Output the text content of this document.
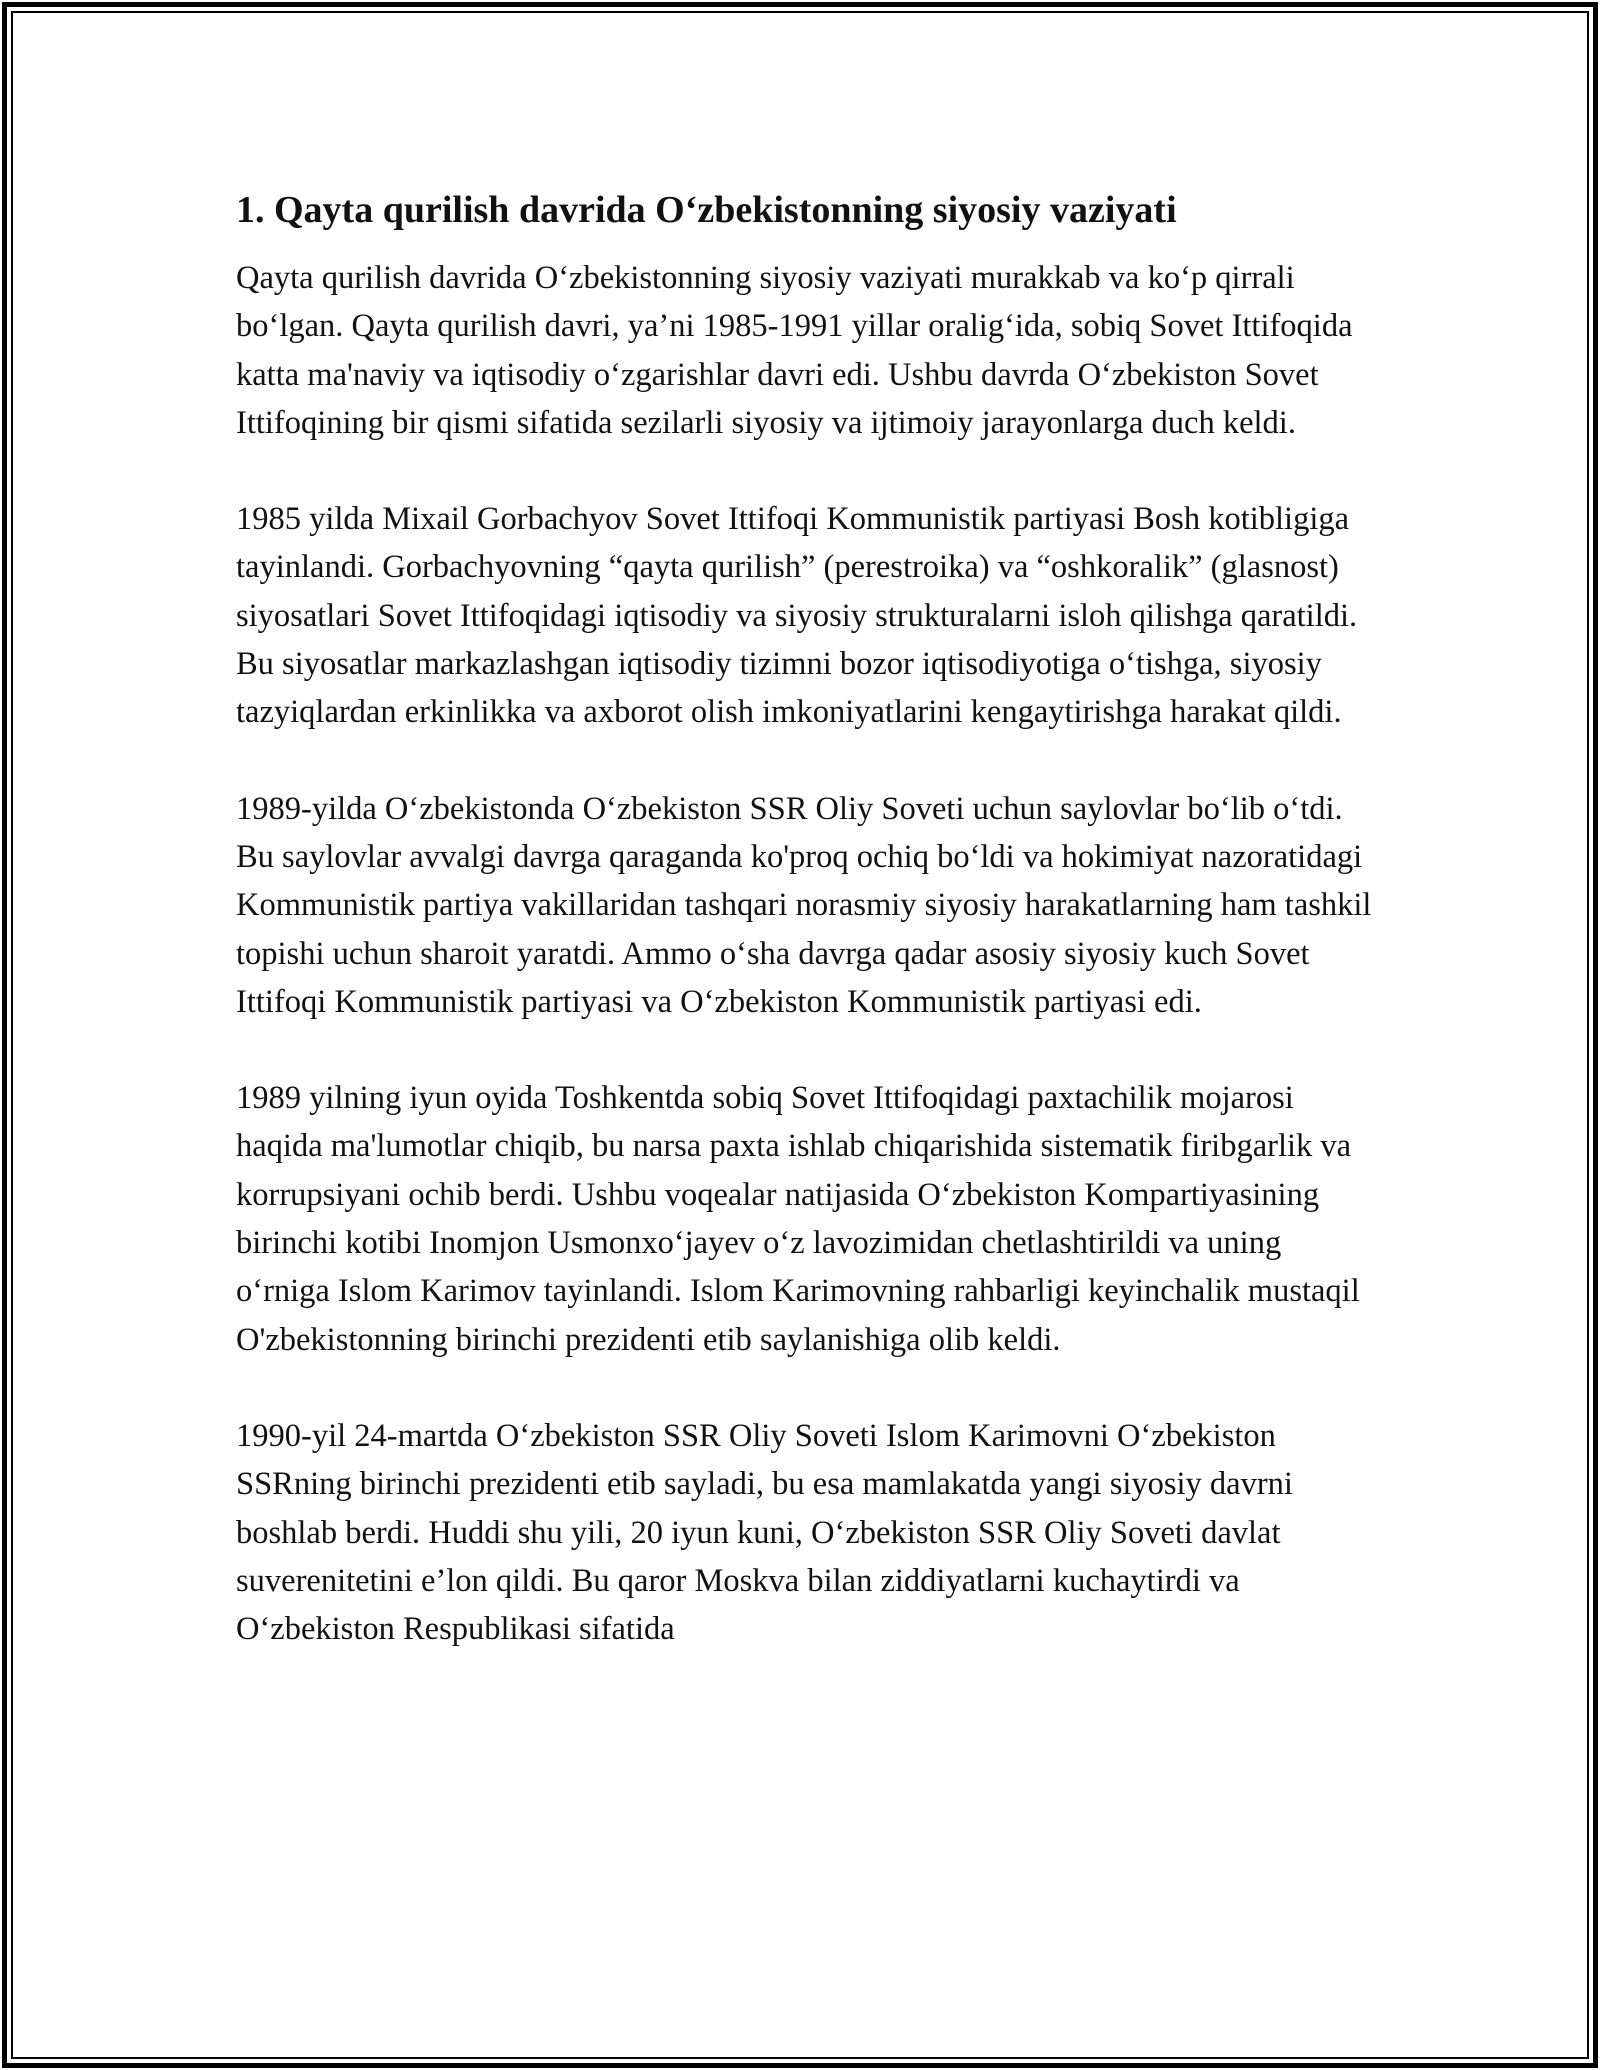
1. Qayta qurilish davrida O‘zbekistonning siyosiy vaziyati

Qayta qurilish davrida O‘zbekistonning siyosiy vaziyati murakkab va ko‘p qirrali bo‘lgan. Qayta qurilish davri, ya’ni 1985-1991 yillar oralig‘ida, sobiq Sovet Ittifoqida katta ma'naviy va iqtisodiy o‘zgarishlar davri edi. Ushbu davrda O‘zbekiston Sovet Ittifoqining bir qismi sifatida sezilarli siyosiy va ijtimoiy jarayonlarga duch keldi.

1985 yilda Mixail Gorbachyov Sovet Ittifoqi Kommunistik partiyasi Bosh kotibligiga tayinlandi. Gorbachyovning “qayta qurilish” (perestroika) va “oshkoralik” (glasnost) siyosatlari Sovet Ittifoqidagi iqtisodiy va siyosiy strukturalarni isloh qilishga qaratildi. Bu siyosatlar markazlashgan iqtisodiy tizimni bozor iqtisodiyotiga o‘tishga, siyosiy tazyiqlardan erkinlikka va axborot olish imkoniyatlarini kengaytirishga harakat qildi.

1989-yilda O‘zbekistonda O‘zbekiston SSR Oliy Soveti uchun saylovlar bo‘lib o‘tdi. Bu saylovlar avvalgi davrga qaraganda ko'proq ochiq bo‘ldi va hokimiyat nazoratidagi Kommunistik partiya vakillaridan tashqari norasmiy siyosiy harakatlarning ham tashkil topishi uchun sharoit yaratdi. Ammo o‘sha davrga qadar asosiy siyosiy kuch Sovet Ittifoqi Kommunistik partiyasi va O‘zbekiston Kommunistik partiyasi edi.

1989 yilning iyun oyida Toshkentda sobiq Sovet Ittifoqidagi paxtachilik mojarosi haqida ma'lumotlar chiqib, bu narsa paxta ishlab chiqarishida sistematik firibgarlik va korrupsiyani ochib berdi. Ushbu voqealar natijasida O‘zbekiston Kompartiyasining birinchi kotibi Inomjon Usmonxo‘jayev o‘z lavozimidan chetlashtirildi va uning o‘rniga Islom Karimov tayinlandi. Islom Karimovning rahbarligi keyinchalik mustaqil O'zbekistonning birinchi prezidenti etib saylanishiga olib keldi.

1990-yil 24-martda O‘zbekiston SSR Oliy Soveti Islom Karimovni O‘zbekiston SSRning birinchi prezidenti etib sayladi, bu esa mamlakatda yangi siyosiy davrni boshlab berdi. Huddi shu yili, 20 iyun kuni, O‘zbekiston SSR Oliy Soveti davlat suverenitetini e’lon qildi. Bu qaror Moskva bilan ziddiyatlarni kuchaytirdi va O‘zbekiston Respublikasi sifatida
